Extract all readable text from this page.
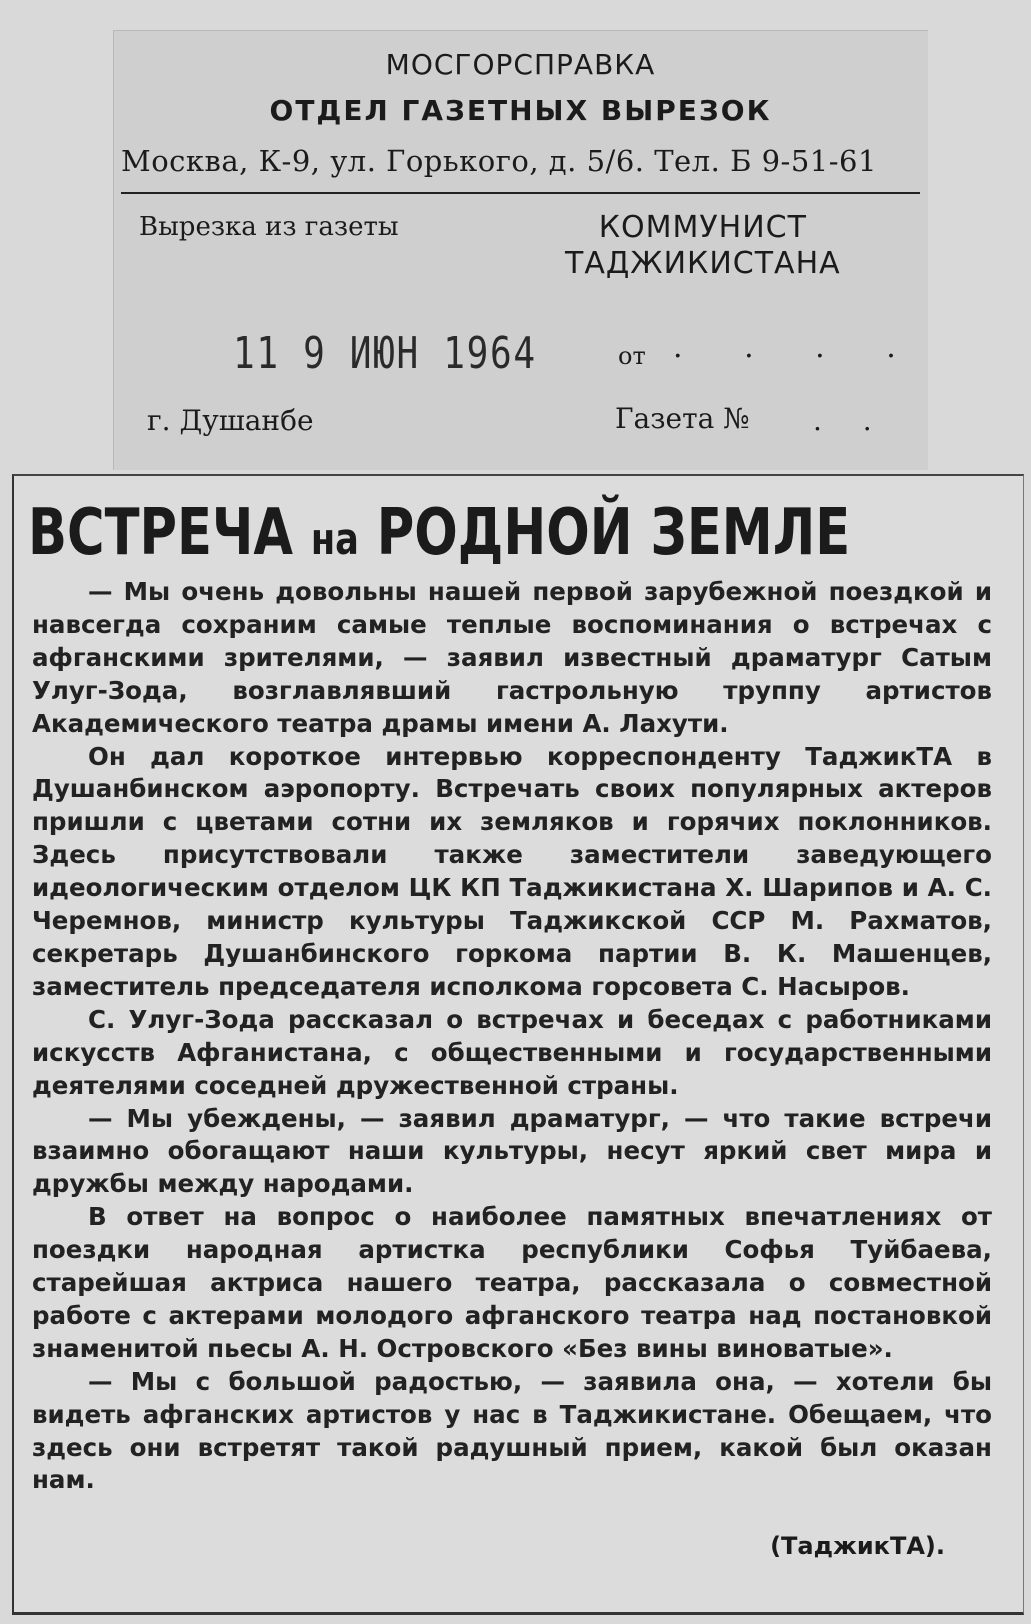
МОСГОРСПРАВКА
ОТДЕЛ ГАЗЕТНЫХ ВЫРЕЗОК
Москва, К-9, ул. Горького, д. 5/6. Тел. Б 9-51-61
Вырезка из газеты	КОММУНИСТ
ТАДЖИКИСТАНА
11 9 ИЮН 1964	от . . . .
г. Душанбе	Газета № . .
ВСТРЕЧА на РОДНОЙ ЗЕМЛЕ

— Мы очень довольны нашей первой зарубежной поездкой и навсегда сохраним самые теплые воспоминания о встречах с афганскими зрителями, — заявил известный драматург Сатым Улуг-Зода, возглавлявший гастрольную труппу артистов Академического театра драмы имени А. Лахути.

Он дал короткое интервью корреспонденту ТаджикТА в Душанбинском аэропорту. Встречать своих популярных актеров пришли с цветами сотни их земляков и горячих поклонников. Здесь присутствовали также заместители заведующего идеологическим отделом ЦК КП Таджикистана Х. Шарипов и А. С. Черемнов, министр культуры Таджикской ССР М. Рахматов, секретарь Душанбинского горкома партии В. К. Машенцев, заместитель председателя исполкома горсовета С. Насыров.

С. Улуг-Зода рассказал о встречах и беседах с работниками искусств Афганистана, с общественными и государственными деятелями соседней дружественной страны.

— Мы убеждены, — заявил драматург, — что такие встречи взаимно обогащают наши культуры, несут яркий свет мира и дружбы между народами.

В ответ на вопрос о наиболее памятных впечатлениях от поездки народная артистка республики Софья Туйбаева, старейшая актриса нашего театра, рассказала о совместной работе с актерами молодого афганского театра над постановкой знаменитой пьесы А. Н. Островского «Без вины виноватые».

— Мы с большой радостью, — заявила она, — хотели бы видеть афганских артистов у нас в Таджикистане. Обещаем, что здесь они встретят такой радушный прием, какой был оказан нам.

(ТаджикТА).
